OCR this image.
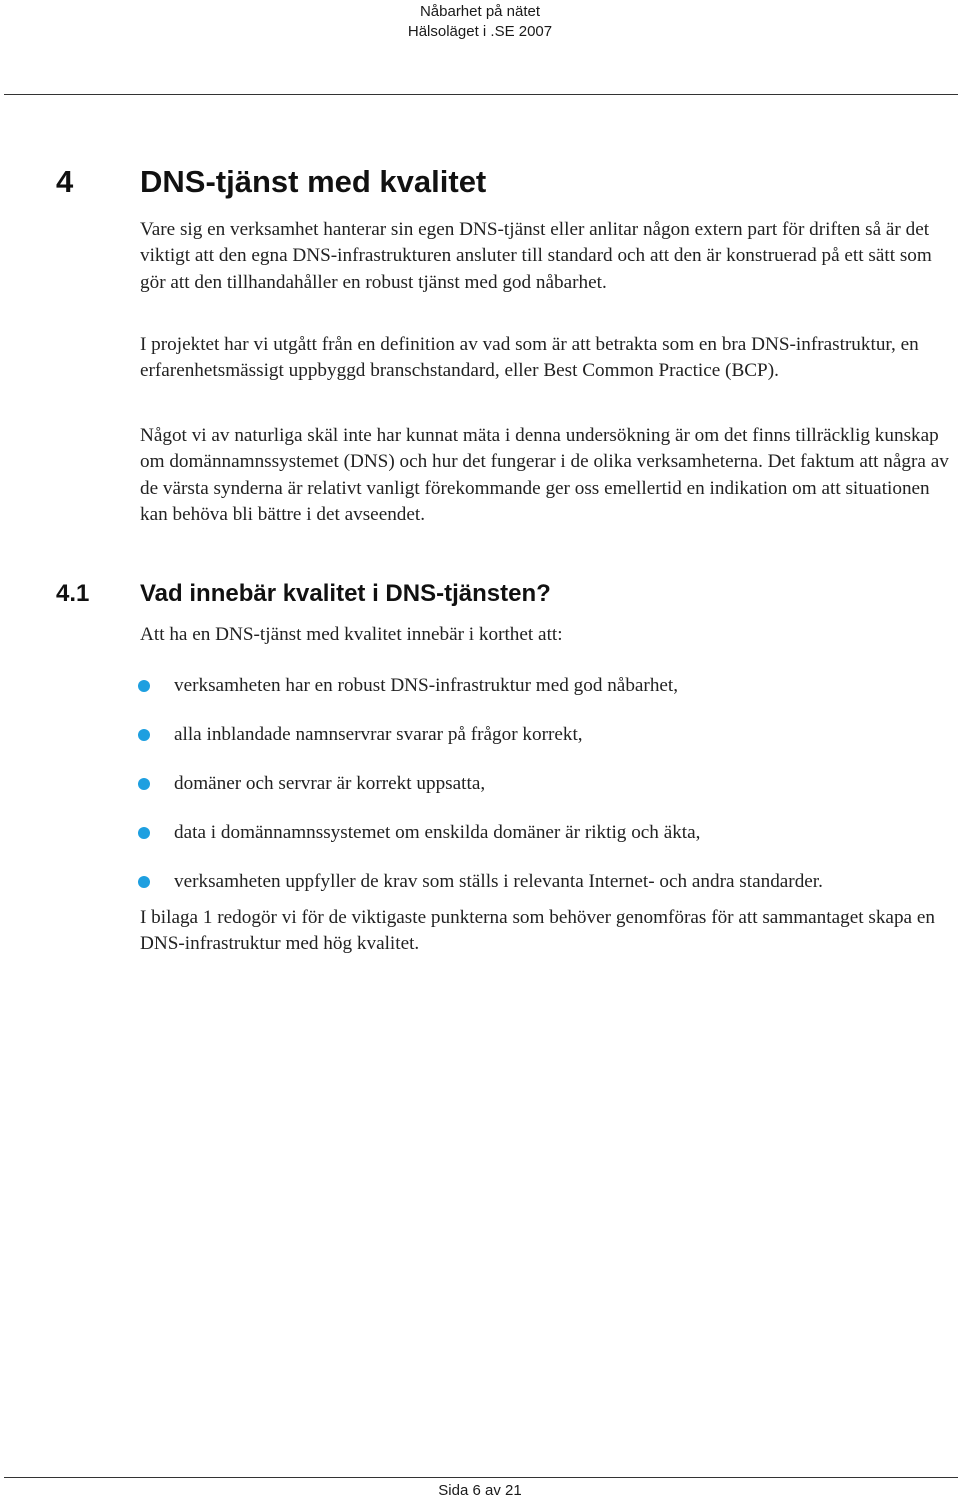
Nåbarhet på nätet
Hälsoläget i .SE 2007
4 DNS-tjänst med kvalitet

Vare sig en verksamhet hanterar sin egen DNS-tjänst eller anlitar någon extern part för driften så är det viktigt att den egna DNS-infrastrukturen ansluter till standard och att den är konstruerad på ett sätt som gör att den tillhandahåller en robust tjänst med god nåbarhet.

I projektet har vi utgått från en definition av vad som är att betrakta som en bra DNS-infrastruktur, en erfarenhetsmässigt uppbyggd branschstandard, eller Best Common Practice (BCP).

Något vi av naturliga skäl inte har kunnat mäta i denna undersökning är om det finns tillräcklig kunskap om domännamnssystemet (DNS) och hur det fungerar i de olika verksamheterna. Det faktum att några av de värsta synderna är relativt vanligt förekommande ger oss emellertid en indikation om att situationen kan behöva bli bättre i det avseendet.

4.1 Vad innebär kvalitet i DNS-tjänsten?

Att ha en DNS-tjänst med kvalitet innebär i korthet att:

verksamheten har en robust DNS-infrastruktur med god nåbarhet,
alla inblandade namnservrar svarar på frågor korrekt,
domäner och servrar är korrekt uppsatta,
data i domännamnssystemet om enskilda domäner är riktig och äkta,
verksamheten uppfyller de krav som ställs i relevanta Internet- och andra standarder.

I bilaga 1 redogör vi för de viktigaste punkterna som behöver genomföras för att sammantaget skapa en DNS-infrastruktur med hög kvalitet.

Sida 6 av 21
